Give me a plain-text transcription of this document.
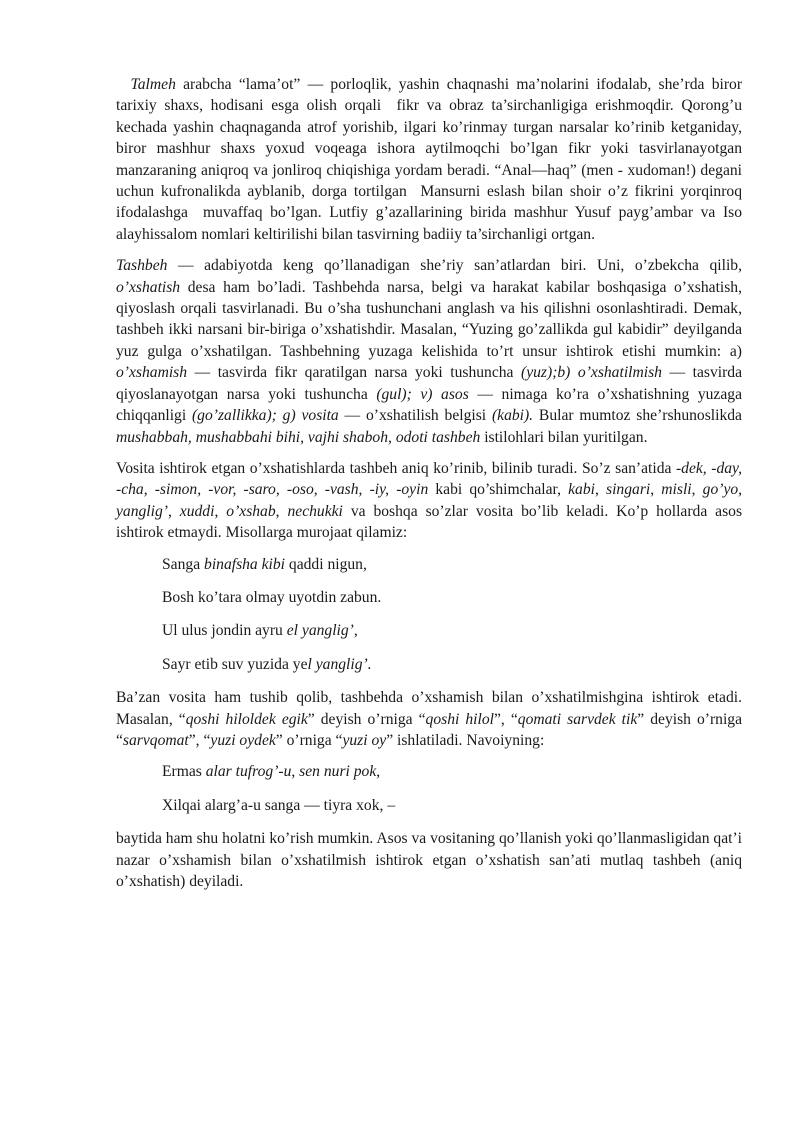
Talmeh arabcha “lama’ot” — porloqlik, yashin chaqnashi ma’nolarini ifodalab, she’rda biror tarixiy shaxs, hodisani esga olish orqali  fikr va obraz ta’sirchanligiga erishmoqdir. Qorong’u kechada yashin chaqnaganda atrof yorishib, ilgari ko’rinmay turgan narsalar ko’rinib ketganiday, biror mashhur shaxs yoxud voqeaga ishora aytilmoqchi bo’lgan fikr yoki tasvirlanayotgan manzaraning aniqroq va jonliroq chiqishiga yordam beradi. “Anal—haq” (men - xudoman!) degani uchun kufronalikda ayblanib, dorga tortilgan  Mansurni eslash bilan shoir o’z fikrini yorqinroq ifodalashga  muvaffaq bo’lgan. Lutfiy g’azallarining birida mashhur Yusuf payg’ambar va Iso alayhissalom nomlari keltirilishi bilan tasvirning badiiy ta’sirchanligi ortgan.

Tashbeh — adabiyotda keng qo’llanadigan she’riy san’atlardan biri. Uni, o’zbekcha qilib, o’xshatish desa ham bo’ladi. Tashbehda narsa, belgi va harakat kabilar boshqasiga o’xshatish, qiyoslash orqali tasvirlanadi. Bu o’sha tushunchani anglash va his qilishni osonlashtiradi. Demak, tashbeh ikki narsani bir-biriga o’xshatishdir. Masalan, “Yuzing go’zallikda gul kabidir” deyilganda yuz gulga o’xshatilgan. Tashbehning yuzaga kelishida to’rt unsur ishtirok etishi mumkin: a) o’xshamish — tasvirda fikr qaratilgan narsa yoki tushuncha (yuz);b) o’xshatilmish — tasvirda qiyoslanayotgan narsa yoki tushuncha (gul); v) asos — nimaga ko’ra o’xshatishning yuzaga chiqqanligi (go’zallikka); g) vosita — o’xshatilish belgisi (kabi). Bular mumtoz she’rshunoslikda mushabbah, mushabbahi bihi, vajhi shaboh, odoti tashbeh istilohlari bilan yuritilgan.

Vosita ishtirok etgan o’xshatishlarda tashbeh aniq ko’rinib, bilinib turadi. So’z san’atida -dek, -day, -cha, -simon, -vor, -saro, -oso, -vash, -iy, -oyin kabi qo’shimchalar, kabi, singari, misli, go’yo, yanglig’, xuddi, o’xshab, nechukki va boshqa so’zlar vosita bo’lib keladi. Ko’p hollarda asos ishtirok etmaydi. Misollarga murojaat qilamiz:

Sanga binafsha kibi qaddi nigun,

Bosh ko’tara olmay uyotdin zabun.

Ul ulus jondin ayru el yanglig’,

Sayr etib suv yuzida yel yanglig’.

Ba’zan vosita ham tushib qolib, tashbehda o’xshamish bilan o’xshatilmishgina ishtirok etadi. Masalan, “qoshi hiloldek egik” deyish o’rniga “qoshi hilol”, “qomati sarvdek tik” deyish o’rniga “sarvqomat”, “yuzi oydek” o’rniga “yuzi oy” ishlatiladi. Navoiyning:

Ermas alar tufrog’-u, sen nuri pok,

Xilqai alarg’a-u sanga — tiyra xok, –

baytida ham shu holatni ko’rish mumkin. Asos va vositaning qo’llanish yoki qo’llanmasligidan qat’i nazar o’xshamish bilan o’xshatilmish ishtirok etgan o’xshatish san’ati mutlaq tashbeh (aniq o’xshatish) deyiladi.
